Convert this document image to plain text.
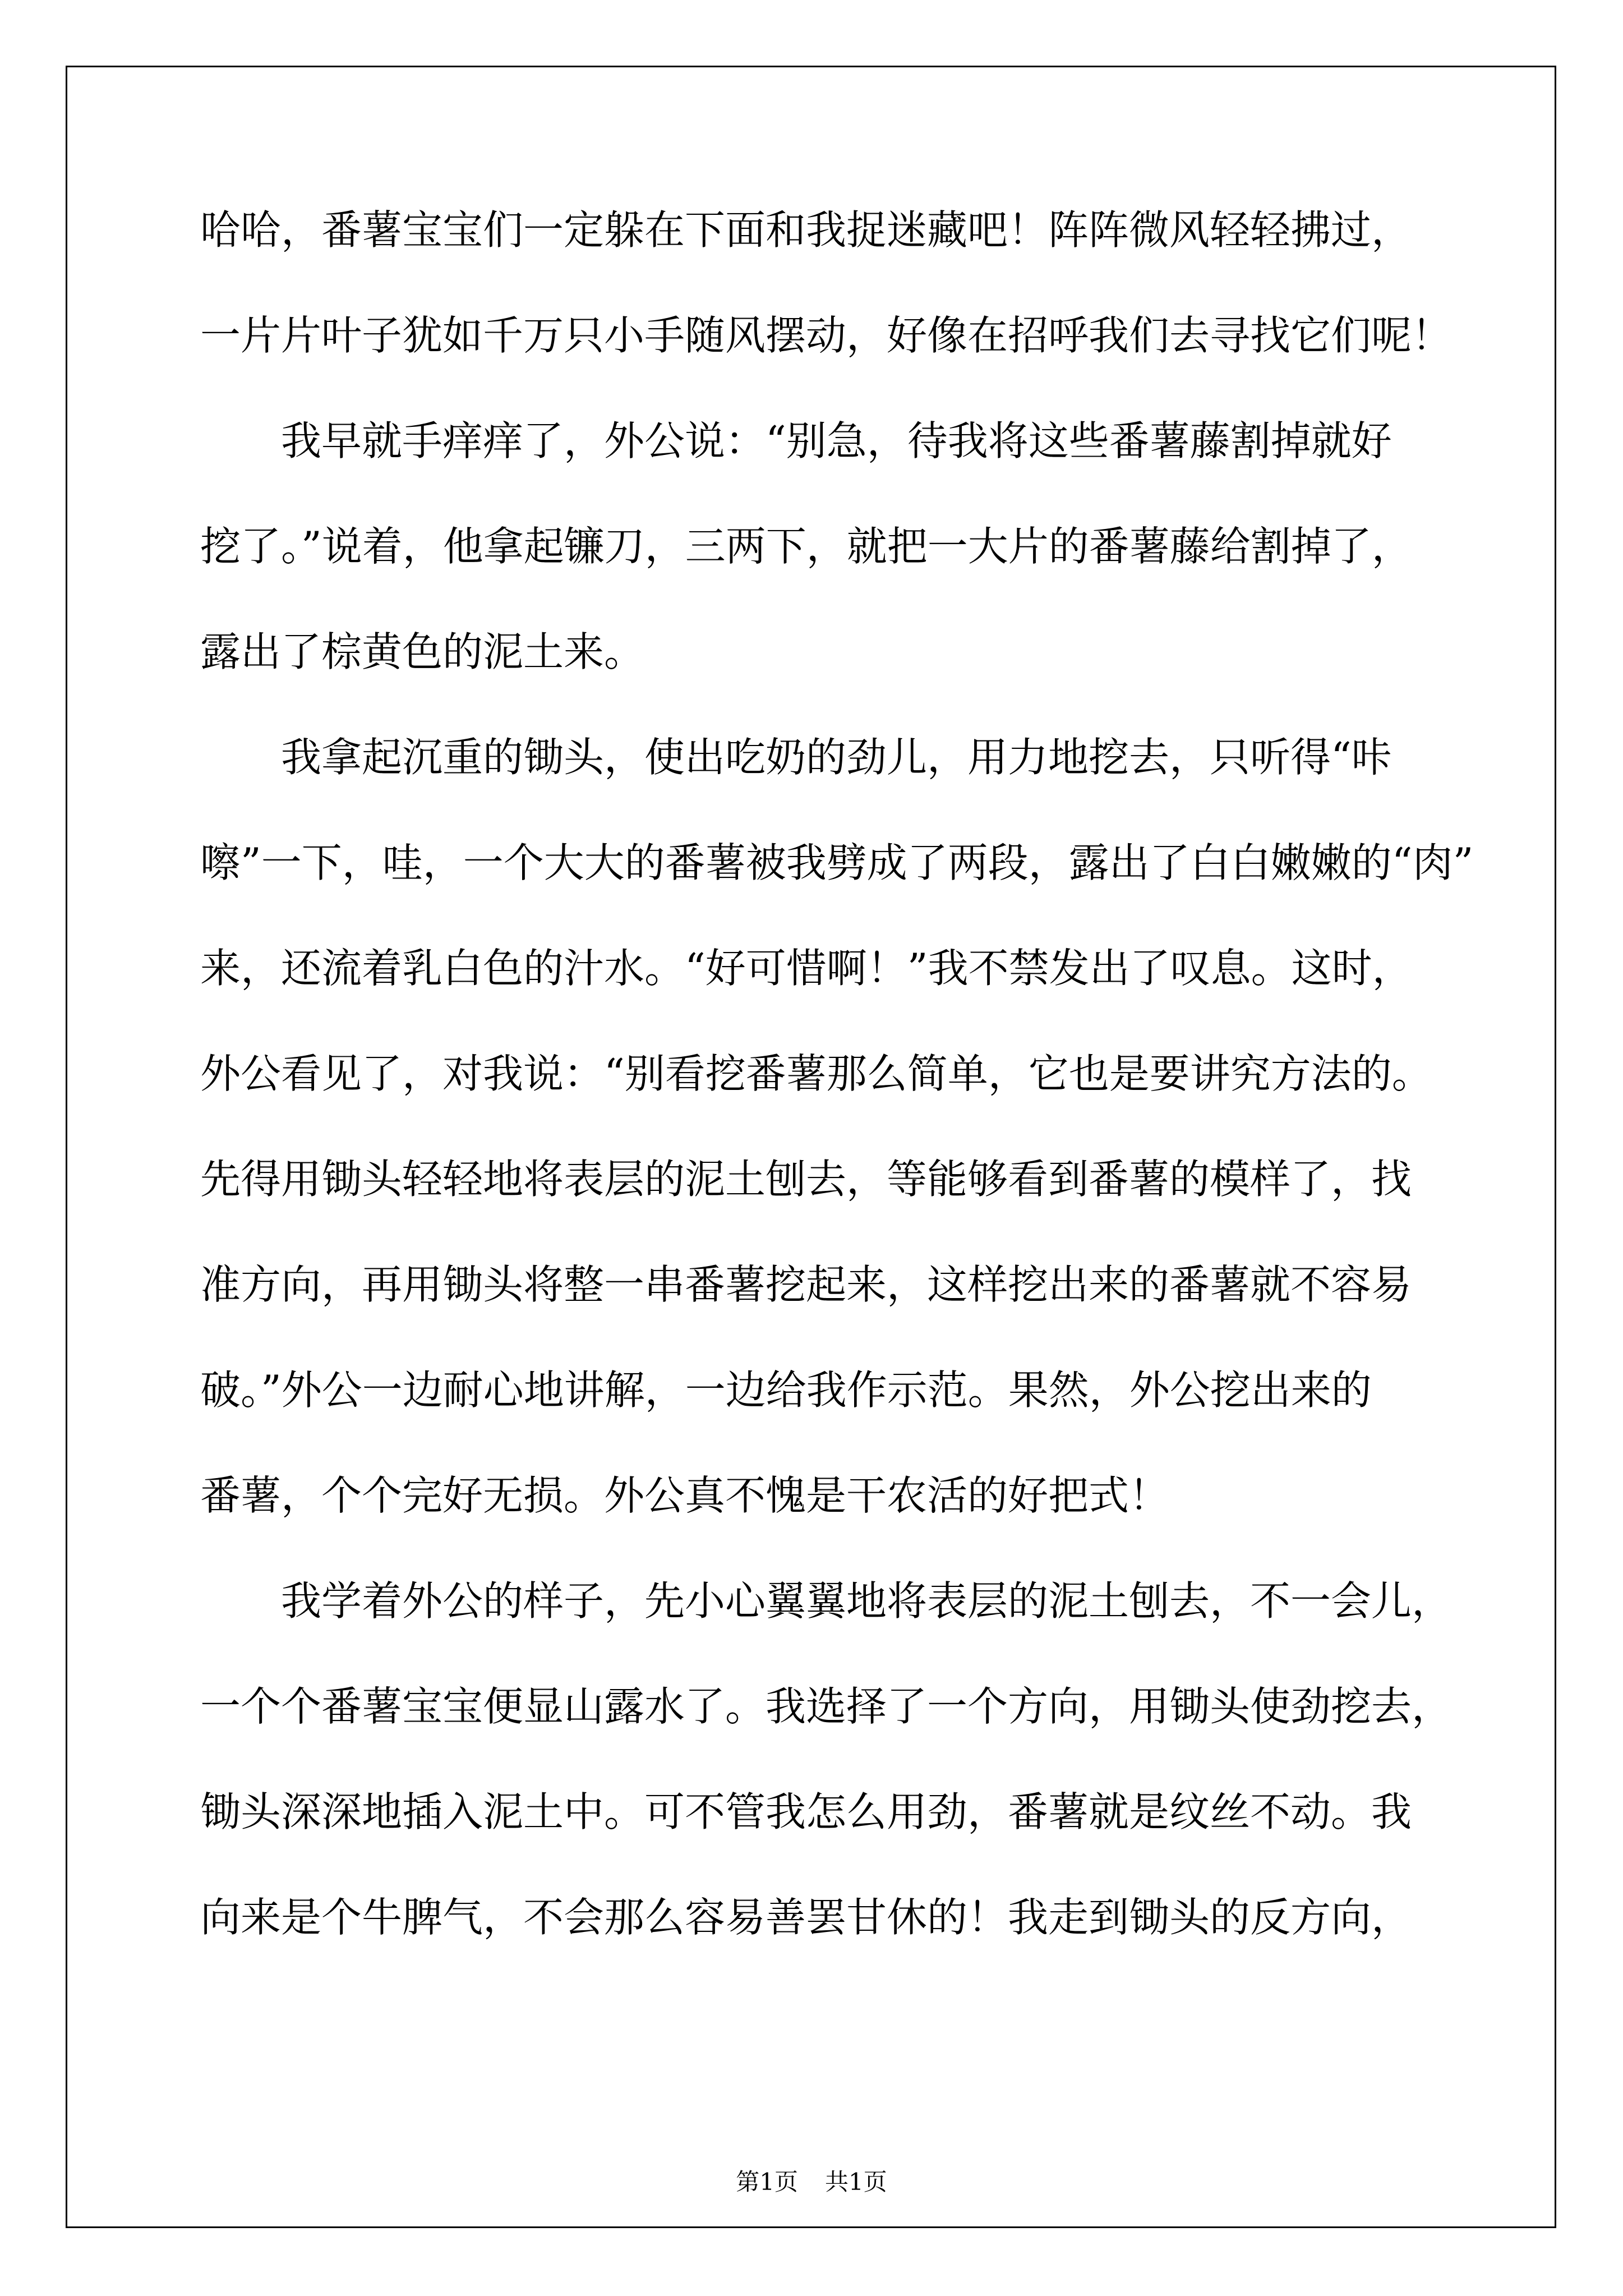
哈哈，番薯宝宝们一定躲在下面和我捉迷藏吧！阵阵微风轻轻拂过，
一片片叶子犹如千万只小手随风摆动，好像在招呼我们去寻找它们呢！
我早就手痒痒了，外公说：“别急，待我将这些番薯藤割掉就好
挖了。”说着，他拿起镰刀，三两下，就把一大片的番薯藤给割掉了，
露出了棕黄色的泥土来。
我拿起沉重的锄头，使出吃奶的劲儿，用力地挖去，只听得“咔
嚓”一下，哇，一个大大的番薯被我劈成了两段，露出了白白嫩嫩的“肉”
来，还流着乳白色的汁水。“好可惜啊！”我不禁发出了叹息。这时，
外公看见了，对我说：“别看挖番薯那么简单，它也是要讲究方法的。
先得用锄头轻轻地将表层的泥土刨去，等能够看到番薯的模样了，找
准方向，再用锄头将整一串番薯挖起来，这样挖出来的番薯就不容易
破。”外公一边耐心地讲解，一边给我作示范。果然，外公挖出来的
番薯，个个完好无损。外公真不愧是干农活的好把式！
我学着外公的样子，先小心翼翼地将表层的泥土刨去，不一会儿，
一个个番薯宝宝便显山露水了。我选择了一个方向，用锄头使劲挖去，
锄头深深地插入泥土中。可不管我怎么用劲，番薯就是纹丝不动。我
向来是个牛脾气，不会那么容易善罢甘休的！我走到锄头的反方向，
第1页 共1页
